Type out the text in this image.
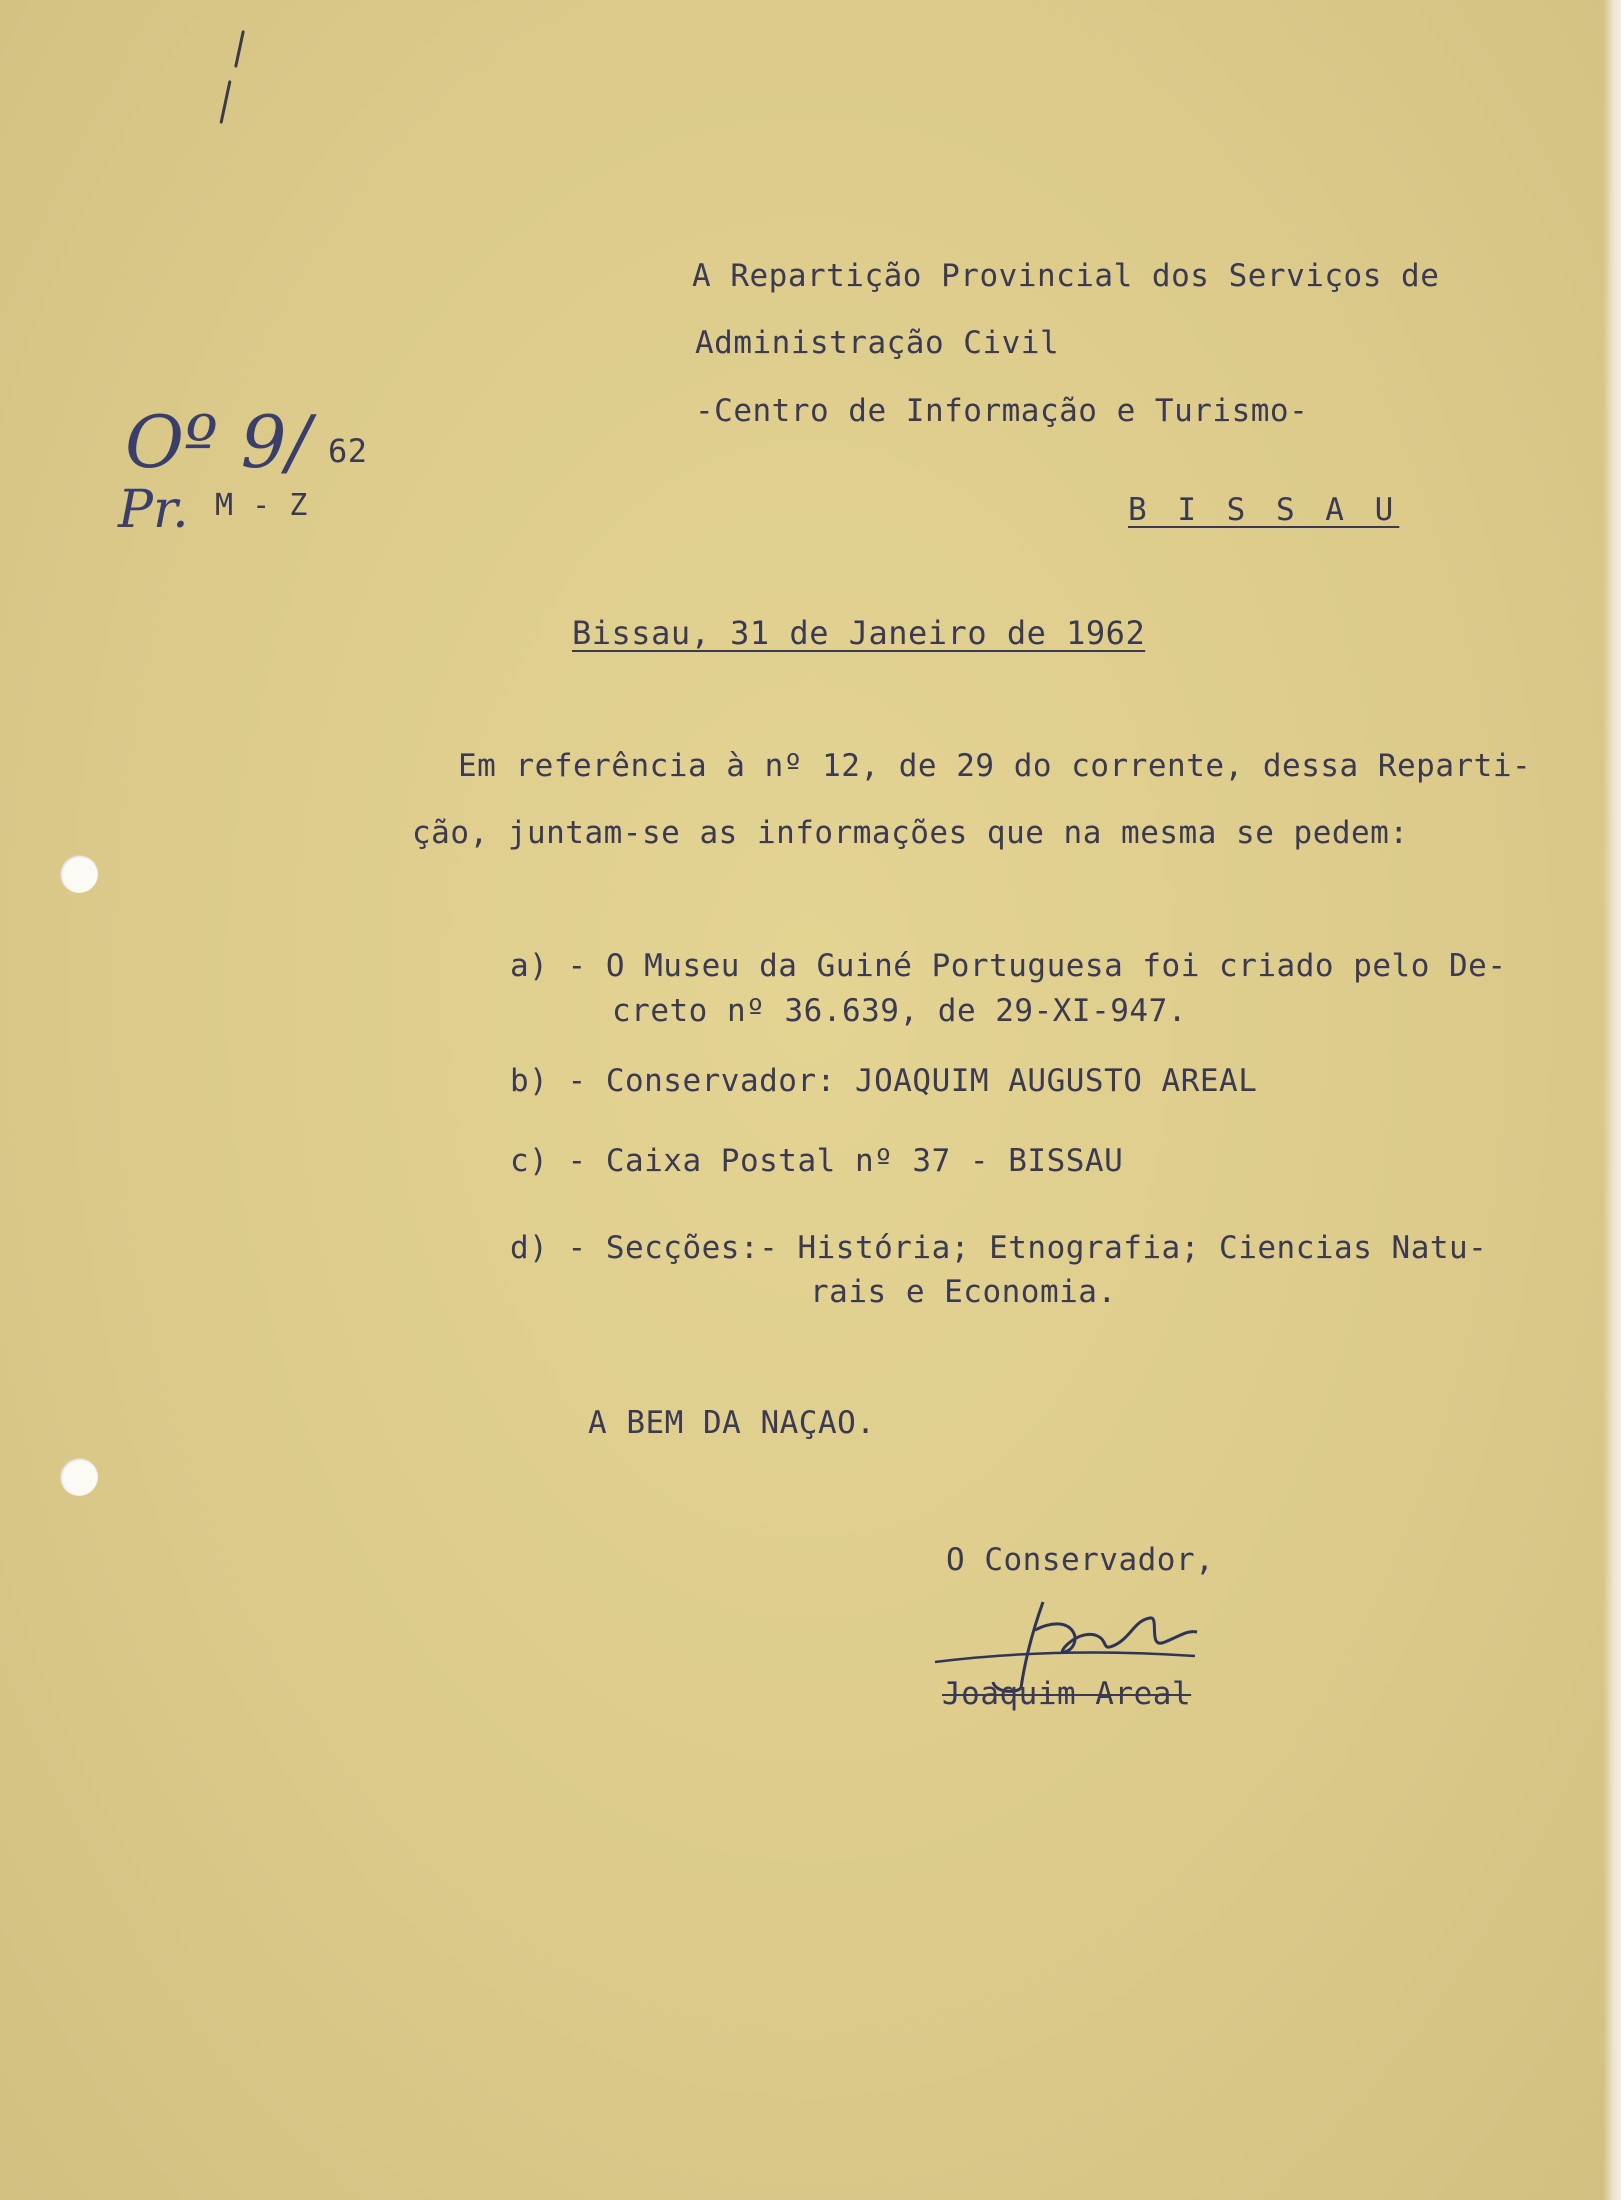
A Repartição Provincial dos Serviços de
Administração Civil
-Centro de Informação e Turismo-
B I S S A U
Oº 9/ 62
Pr. M - Z
Bissau, 31 de Janeiro de 1962
Em referência à nº 12, de 29 do corrente, dessa Reparti-
ção, juntam-se as informações que na mesma se pedem:
a) - O Museu da Guiné Portuguesa foi criado pelo De-
creto nº 36.639, de 29-XI-947.
b) - Conservador: JOAQUIM AUGUSTO AREAL
c) - Caixa Postal nº 37 - BISSAU
d) - Secções:- História; Etnografia; Ciencias Natu-
rais e Economia.
A BEM DA NAÇAO.
O Conservador,
Joaquim Areal
